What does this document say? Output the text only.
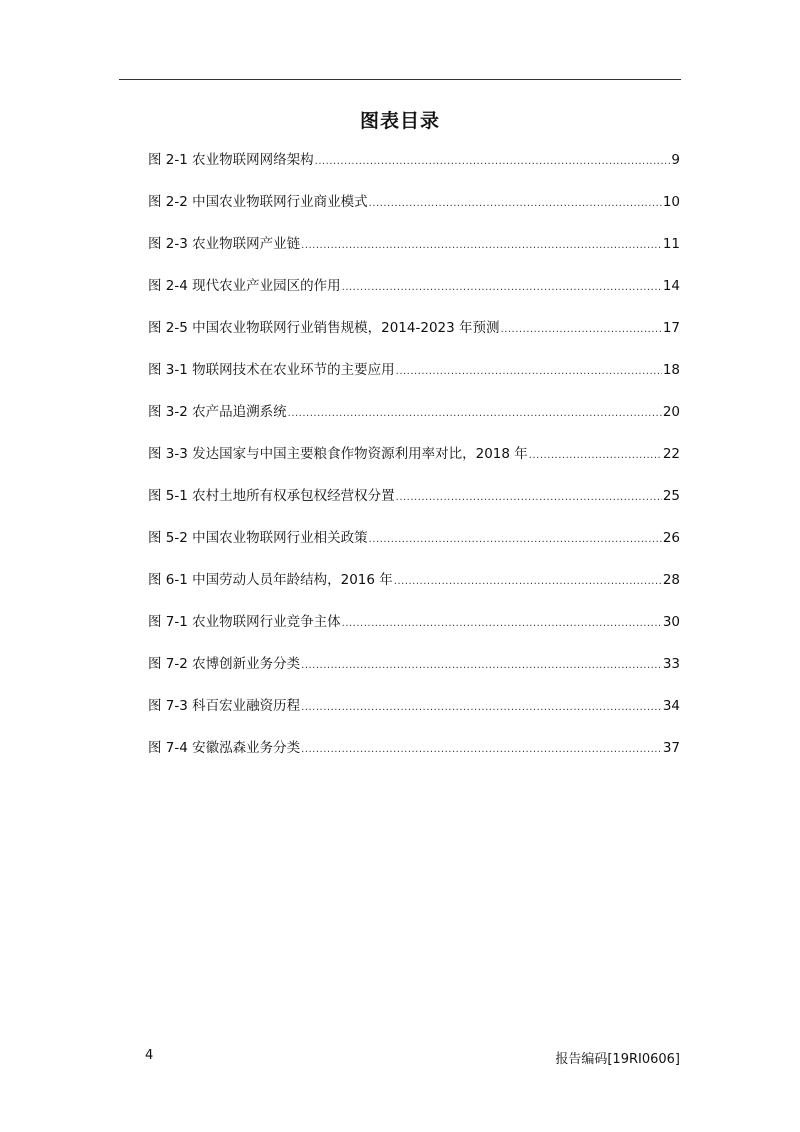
图表目录
图 2-1 农业物联网网络架构 .....	9
图 2-2 中国农业物联网行业商业模式 .....	10
图 2-3 农业物联网产业链 .....	11
图 2-4 现代农业产业园区的作用 .....	14
图 2-5 中国农业物联网行业销售规模，2014-2023 年预测 .....	17
图 3-1 物联网技术在农业环节的主要应用 .....	18
图 3-2 农产品追溯系统 .....	20
图 3-3 发达国家与中国主要粮食作物资源利用率对比，2018 年 .....	22
图 5-1 农村土地所有权承包权经营权分置 .....	25
图 5-2 中国农业物联网行业相关政策 .....	26
图 6-1 中国劳动人员年龄结构，2016 年 .....	28
图 7-1 农业物联网行业竞争主体 .....	30
图 7-2 农博创新业务分类 .....	33
图 7-3 科百宏业融资历程 .....	34
图 7-4 安徽泓森业务分类 .....	37
4	报告编码[19RI0606]
